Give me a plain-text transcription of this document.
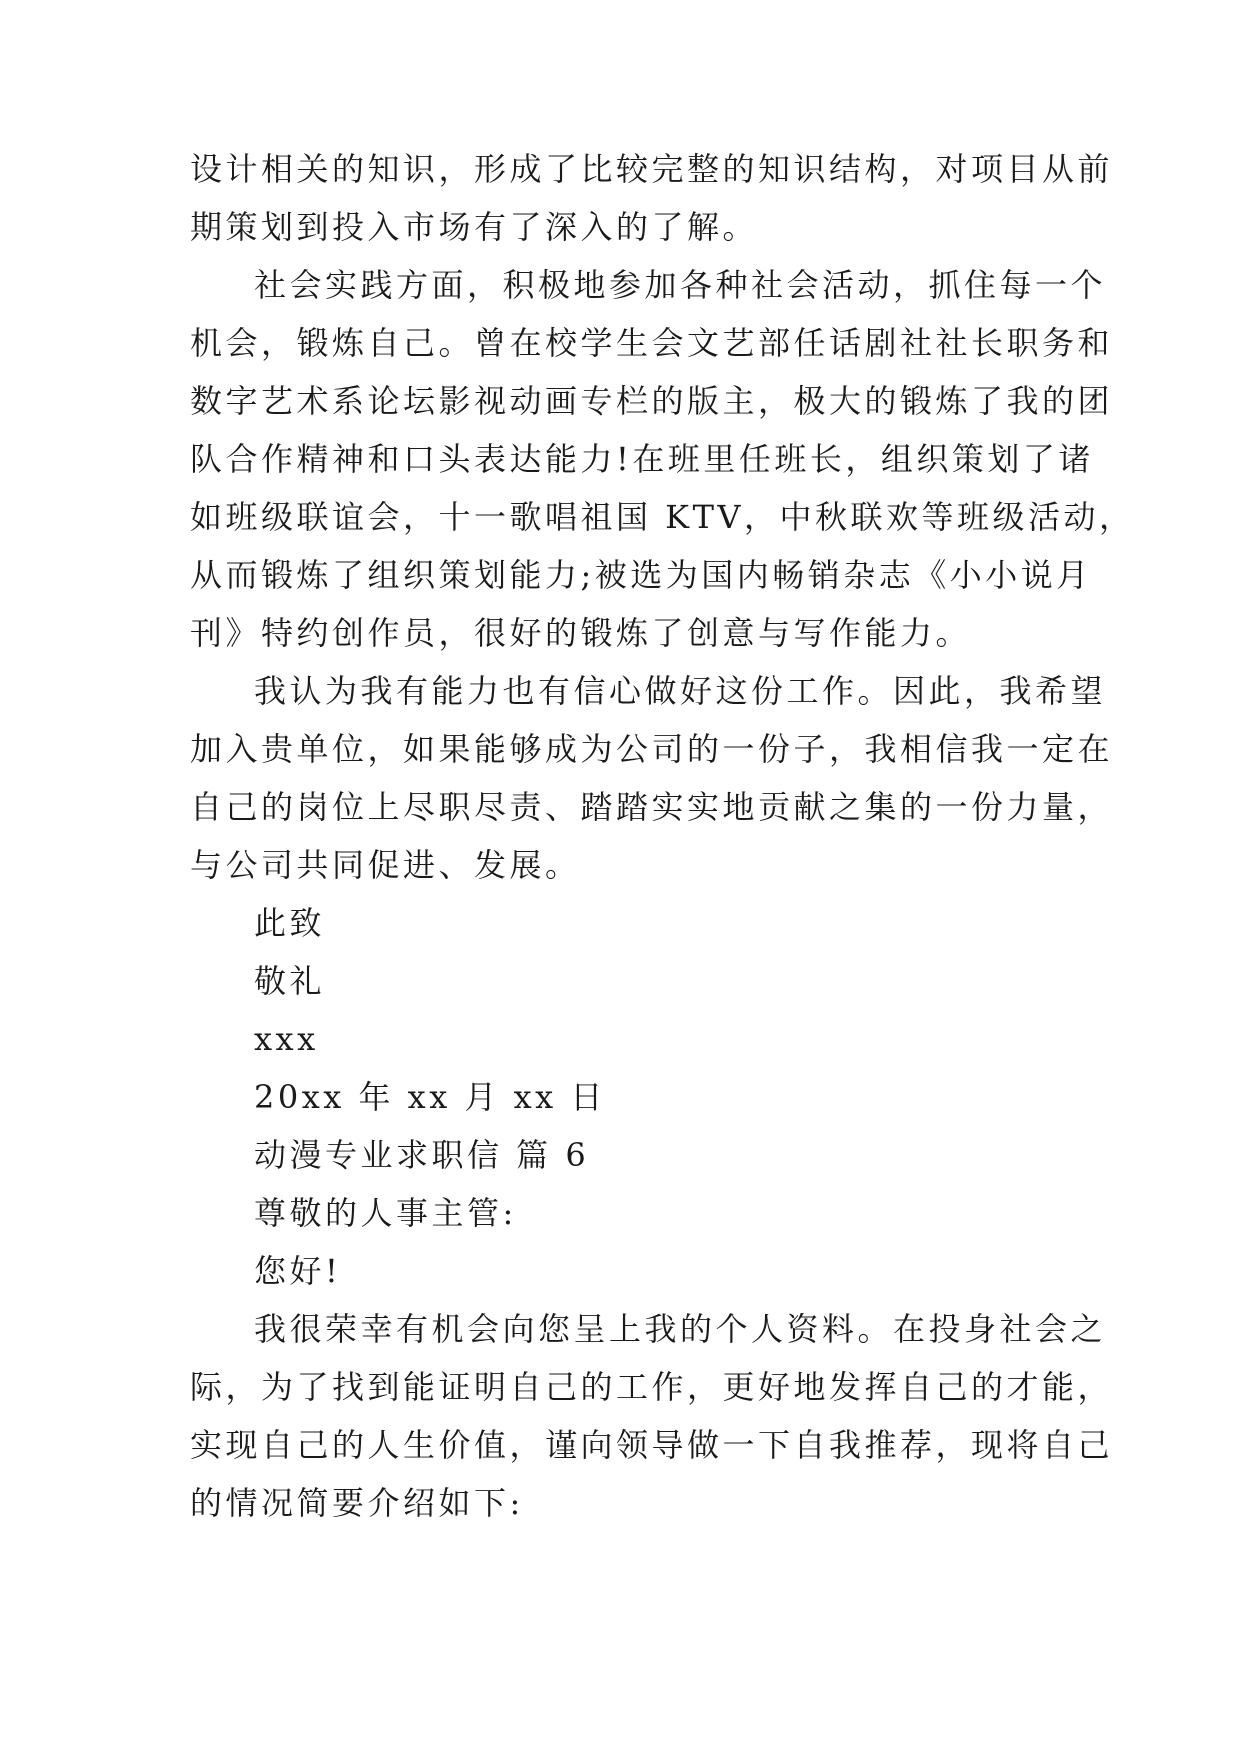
设计相关的知识，形成了比较完整的知识结构，对项目从前
期策划到投入市场有了深入的了解。
社会实践方面，积极地参加各种社会活动，抓住每一个
机会，锻炼自己。曾在校学生会文艺部任话剧社社长职务和
数字艺术系论坛影视动画专栏的版主，极大的锻炼了我的团
队合作精神和口头表达能力!在班里任班长，组织策划了诸
如班级联谊会，十一歌唱祖国 KTV，中秋联欢等班级活动，
从而锻炼了组织策划能力;被选为国内畅销杂志《小小说月
刊》特约创作员，很好的锻炼了创意与写作能力。
我认为我有能力也有信心做好这份工作。因此，我希望
加入贵单位，如果能够成为公司的一份子，我相信我一定在
自己的岗位上尽职尽责、踏踏实实地贡献之集的一份力量，
与公司共同促进、发展。
此致
敬礼
xxx
20xx 年 xx 月 xx 日
动漫专业求职信 篇 6
尊敬的人事主管:
您好!
我很荣幸有机会向您呈上我的个人资料。在投身社会之
际，为了找到能证明自己的工作，更好地发挥自己的才能，
实现自己的人生价值，谨向领导做一下自我推荐，现将自己
的情况简要介绍如下:
